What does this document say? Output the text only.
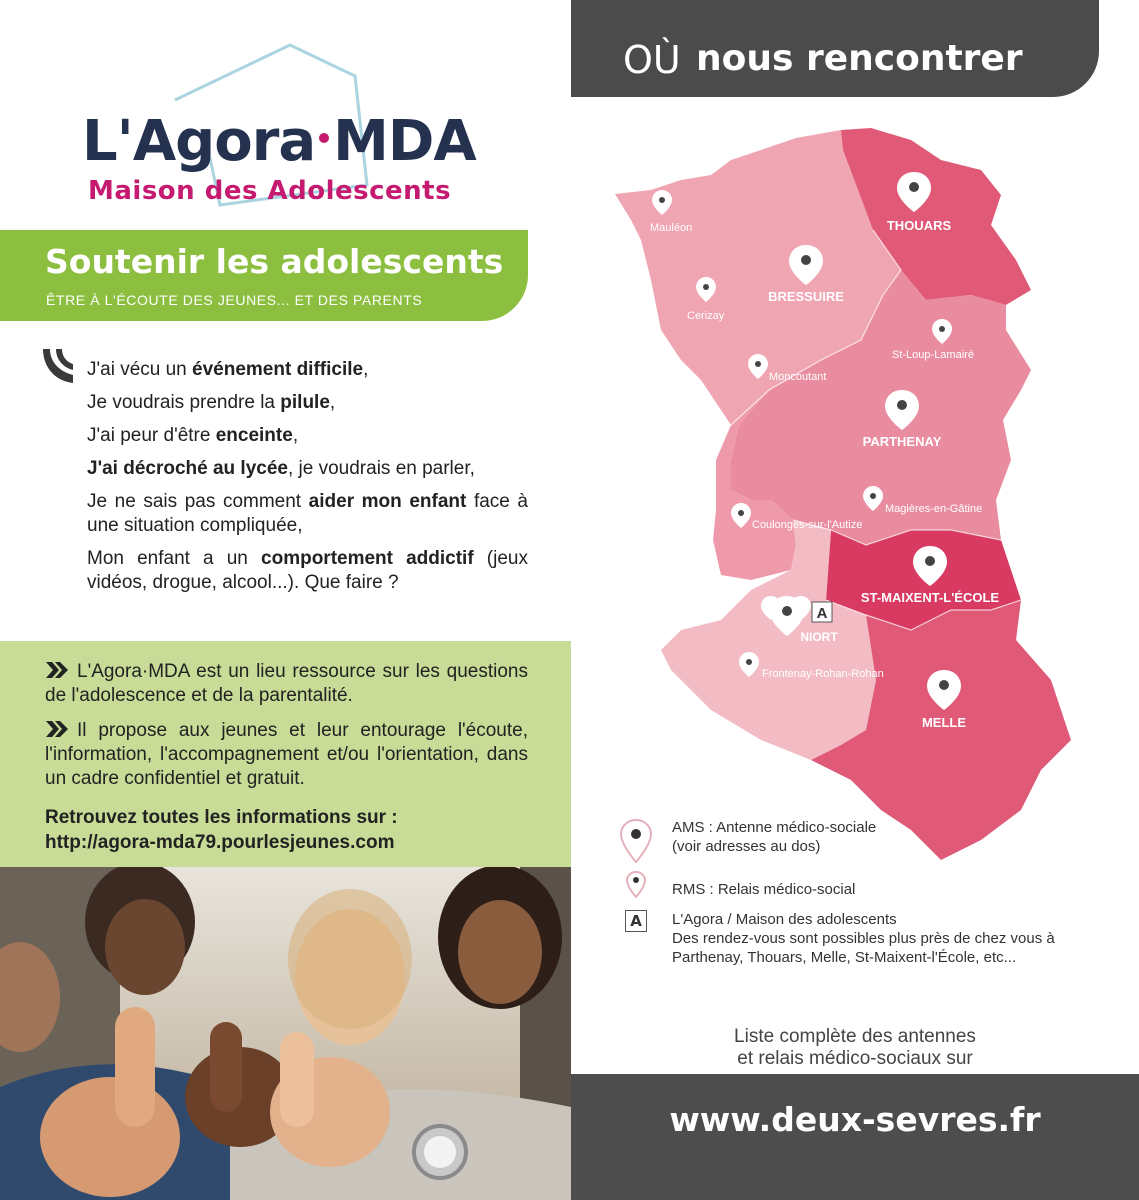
L'Agora MDA
Maison des Adolescents
Soutenir les adolescents

ÊTRE À L'ÉCOUTE DES JEUNES... ET DES PARENTS

J'ai vécu un événement difficile,

Je voudrais prendre la pilule,

J'ai peur d'être enceinte,

J'ai décroché au lycée, je voudrais en parler,

Je ne sais pas comment aider mon enfant face à une situation compliquée,

Mon enfant a un comportement addictif (jeux vidéos, drogue, alcool...). Que faire ?

L'Agora·MDA est un lieu ressource sur les questions de l'adolescence et de la parentalité.
Il propose aux jeunes et leur entourage l'écoute, l'information, l'accompagnement et/ou l'orientation, dans un cadre confidentiel et gratuit.
Retrouvez toutes les informations sur :
http://agora-mda79.pourlesjeunes.com
OÙ nous rencontrer
THOUARS
BRESSUIRE
PARTHENAY
ST-MAIXENT-L'ÉCOLE
NIORT
A
MELLE
Mauléon
Cerizay
Moncoutant
St-Loup-Lamairé
Magières-en-Gâtine
Coulonges-sur-l'Autize
Frontenay-Rohan-Rohan
AMS : Antenne médico-sociale
(voir adresses au dos)
RMS : Relais médico-social
A	L'Agora / Maison des adolescents
Des rendez-vous sont possibles plus près de chez vous à Parthenay, Thouars, Melle, St-Maixent-l'École, etc...
Liste complète des antennes
et relais médico-sociaux sur
www.deux-sevres.fr
